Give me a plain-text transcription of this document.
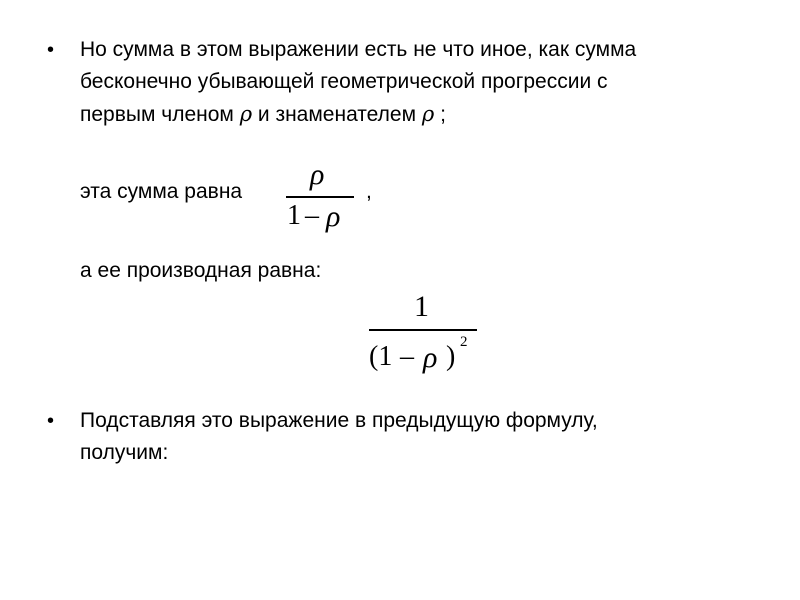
• Но сумма в этом выражении есть не что иное, как сумма
бесконечно убывающей геометрической прогрессии с
первым членом ρ и знаменателем ρ ;
эта сумма равна
ρ
1 – ρ
,
а ее производная равна:
1
(1 – ρ ) 2
• Подставляя это выражение в предыдущую формулу,
получим:
